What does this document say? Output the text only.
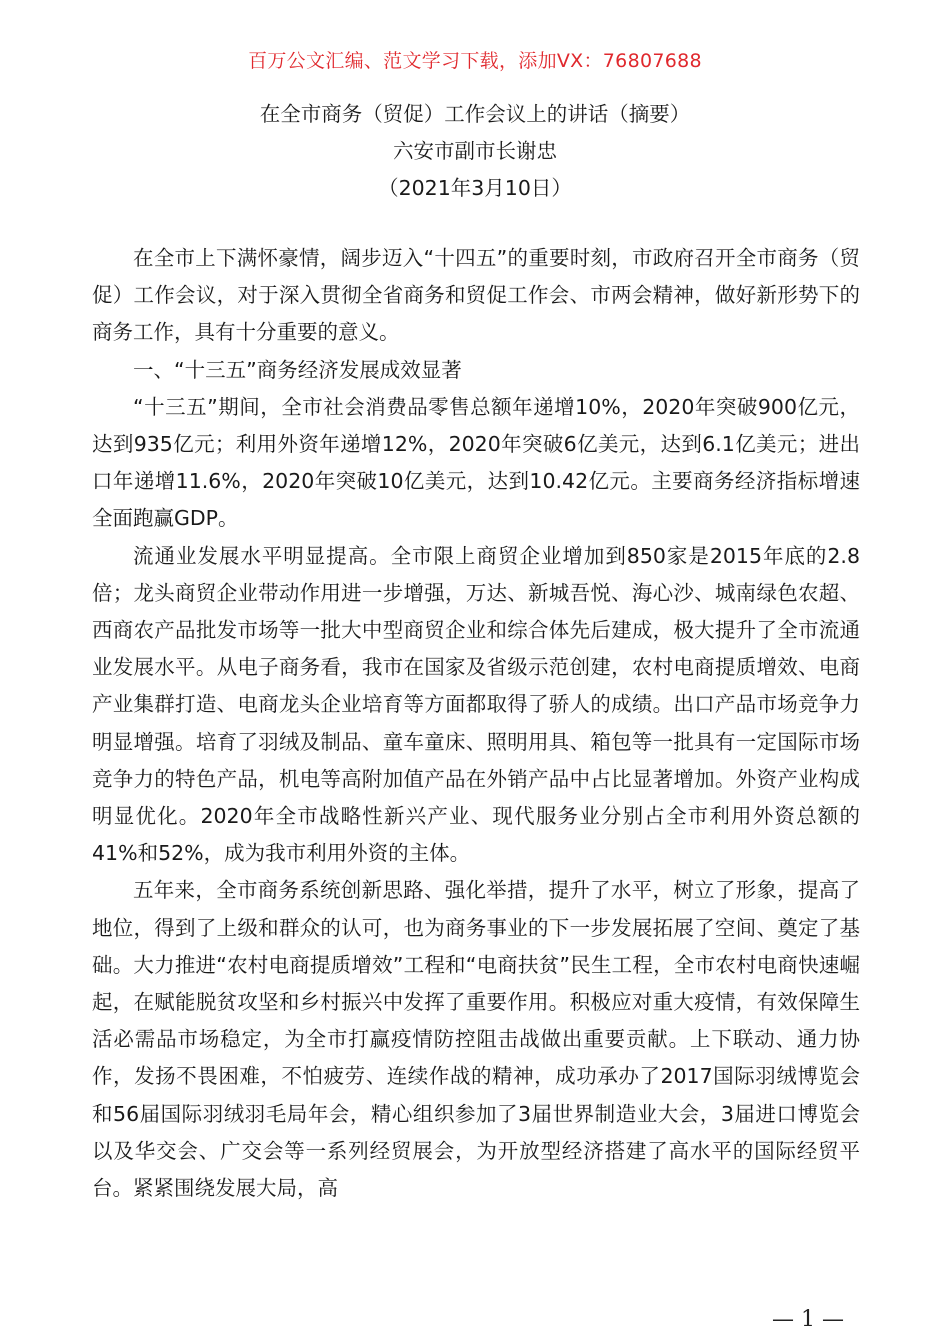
百万公文汇编、范文学习下载，添加VX：76807688
在全市商务（贸促）工作会议上的讲话（摘要）
六安市副市长谢忠
（2021年3月10日）

在全市上下满怀豪情，阔步迈入“十四五”的重要时刻，市政府召开全市商务（贸促）工作会议，对于深入贯彻全省商务和贸促工作会、市两会精神，做好新形势下的商务工作，具有十分重要的意义。

一、“十三五”商务经济发展成效显著

“十三五”期间，全市社会消费品零售总额年递增10%，2020年突破900亿元，达到935亿元；利用外资年递增12%，2020年突破6亿美元，达到6.1亿美元；进出口年递增11.6%，2020年突破10亿美元，达到10.42亿元。主要商务经济指标增速全面跑赢GDP。

流通业发展水平明显提高。全市限上商贸企业增加到850家是2015年底的2.8倍；龙头商贸企业带动作用进一步增强，万达、新城吾悦、海心沙、城南绿色农超、西商农产品批发市场等一批大中型商贸企业和综合体先后建成，极大提升了全市流通业发展水平。从电子商务看，我市在国家及省级示范创建，农村电商提质增效、电商产业集群打造、电商龙头企业培育等方面都取得了骄人的成绩。出口产品市场竞争力明显增强。培育了羽绒及制品、童车童床、照明用具、箱包等一批具有一定国际市场竞争力的特色产品，机电等高附加值产品在外销产品中占比显著增加。外资产业构成明显优化。2020年全市战略性新兴产业、现代服务业分别占全市利用外资总额的41%和52%，成为我市利用外资的主体。

五年来，全市商务系统创新思路、强化举措，提升了水平，树立了形象，提高了地位，得到了上级和群众的认可，也为商务事业的下一步发展拓展了空间、奠定了基础。大力推进“农村电商提质增效”工程和“电商扶贫”民生工程，全市农村电商快速崛起，在赋能脱贫攻坚和乡村振兴中发挥了重要作用。积极应对重大疫情，有效保障生活必需品市场稳定，为全市打赢疫情防控阻击战做出重要贡献。上下联动、通力协作，发扬不畏困难，不怕疲劳、连续作战的精神，成功承办了2017国际羽绒博览会和56届国际羽绒羽毛局年会，精心组织参加了3届世界制造业大会，3届进口博览会以及华交会、广交会等一系列经贸展会，为开放型经济搭建了高水平的国际经贸平台。紧紧围绕发展大局，高

— 1 —
